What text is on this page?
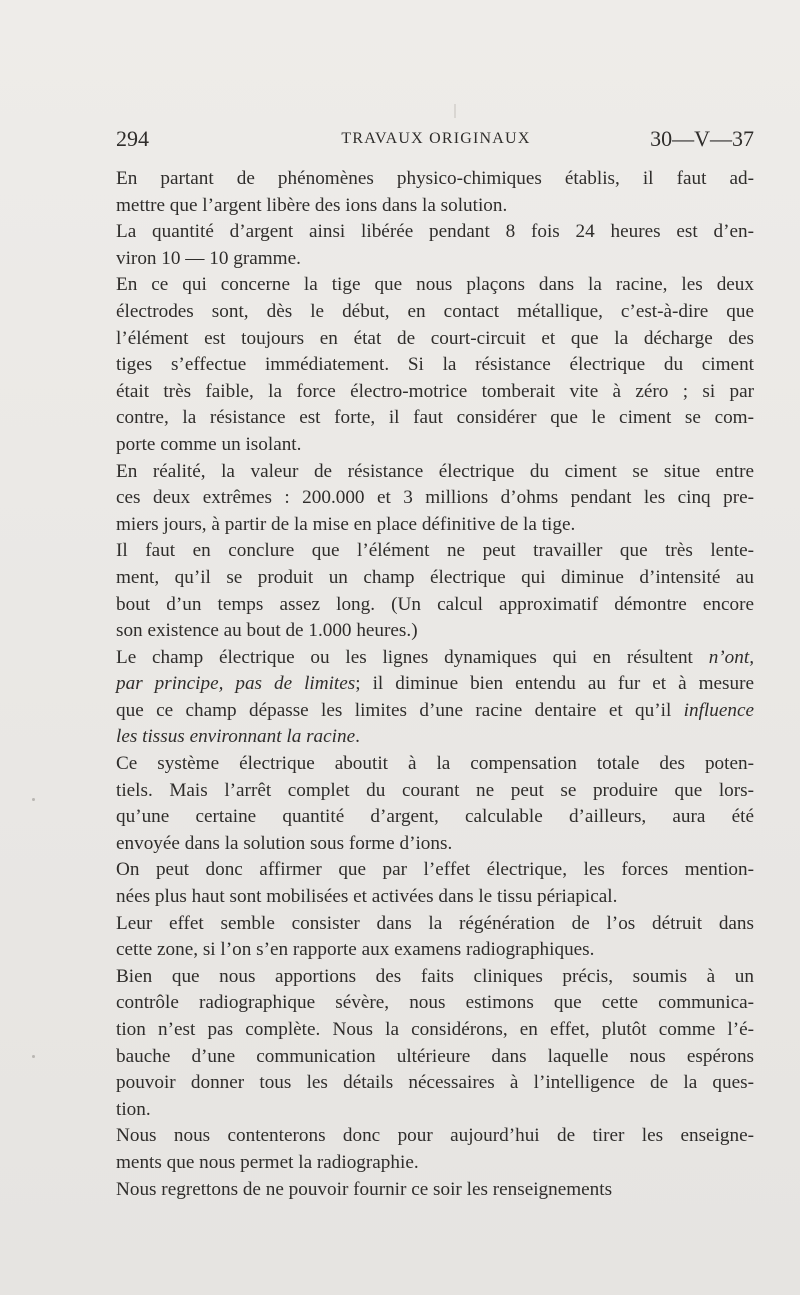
294	TRAVAUX ORIGINAUX	30—V—37

En partant de phénomènes physico-chimiques établis, il faut ad-
mettre que l’argent libère des ions dans la solution.

La quantité d’argent ainsi libérée pendant 8 fois 24 heures est d’en-
viron 10 — 10 gramme.

En ce qui concerne la tige que nous plaçons dans la racine, les deux
électrodes sont, dès le début, en contact métallique, c’est-à-dire que
l’élément est toujours en état de court-circuit et que la décharge des
tiges s’effectue immédiatement. Si la résistance électrique du ciment
était très faible, la force électro-motrice tomberait vite à zéro ; si par
contre, la résistance est forte, il faut considérer que le ciment se com-
porte comme un isolant.

En réalité, la valeur de résistance électrique du ciment se situe entre
ces deux extrêmes : 200.000 et 3 millions d’ohms pendant les cinq pre-
miers jours, à partir de la mise en place définitive de la tige.

Il faut en conclure que l’élément ne peut travailler que très lente-
ment, qu’il se produit un champ électrique qui diminue d’intensité au
bout d’un temps assez long. (Un calcul approximatif démontre encore
son existence au bout de 1.000 heures.)

Le champ électrique ou les lignes dynamiques qui en résultent n’ont,
par principe, pas de limites; il diminue bien entendu au fur et à mesure
que ce champ dépasse les limites d’une racine dentaire et qu’il influence
les tissus environnant la racine.

Ce système électrique aboutit à la compensation totale des poten-
tiels. Mais l’arrêt complet du courant ne peut se produire que lors-
qu’une certaine quantité d’argent, calculable d’ailleurs, aura été
envoyée dans la solution sous forme d’ions.

On peut donc affirmer que par l’effet électrique, les forces mention-
nées plus haut sont mobilisées et activées dans le tissu périapical.

Leur effet semble consister dans la régénération de l’os détruit dans
cette zone, si l’on s’en rapporte aux examens radiographiques.

Bien que nous apportions des faits cliniques précis, soumis à un
contrôle radiographique sévère, nous estimons que cette communica-
tion n’est pas complète. Nous la considérons, en effet, plutôt comme l’é-
bauche d’une communication ultérieure dans laquelle nous espérons
pouvoir donner tous les détails nécessaires à l’intelligence de la ques-
tion.

Nous nous contenterons donc pour aujourd’hui de tirer les enseigne-
ments que nous permet la radiographie.

Nous regrettons de ne pouvoir fournir ce soir les renseignements
